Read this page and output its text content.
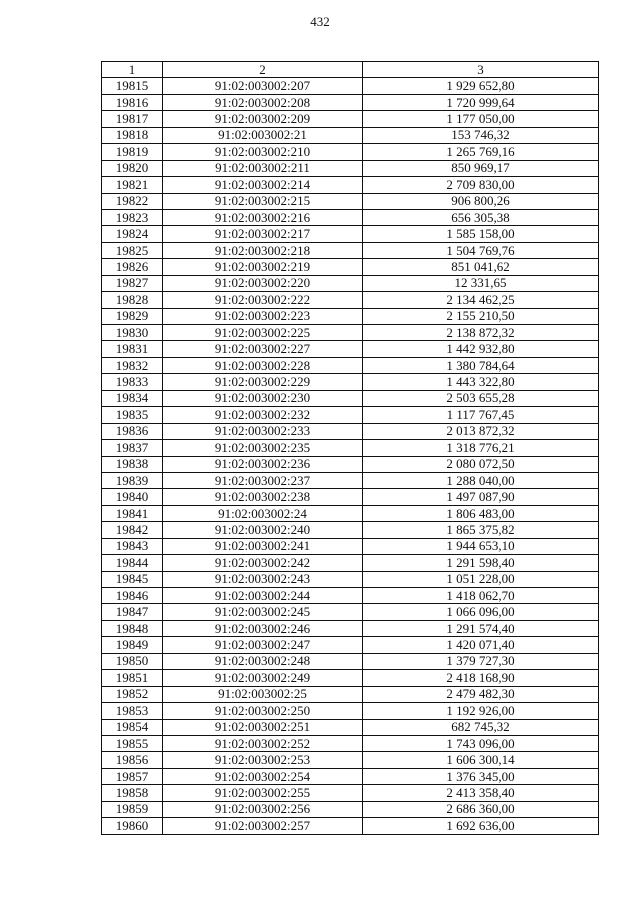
432
1	2	3
19815	91:02:003002:207	1 929 652,80
19816	91:02:003002:208	1 720 999,64
19817	91:02:003002:209	1 177 050,00
19818	91:02:003002:21	153 746,32
19819	91:02:003002:210	1 265 769,16
19820	91:02:003002:211	850 969,17
19821	91:02:003002:214	2 709 830,00
19822	91:02:003002:215	906 800,26
19823	91:02:003002:216	656 305,38
19824	91:02:003002:217	1 585 158,00
19825	91:02:003002:218	1 504 769,76
19826	91:02:003002:219	851 041,62
19827	91:02:003002:220	12 331,65
19828	91:02:003002:222	2 134 462,25
19829	91:02:003002:223	2 155 210,50
19830	91:02:003002:225	2 138 872,32
19831	91:02:003002:227	1 442 932,80
19832	91:02:003002:228	1 380 784,64
19833	91:02:003002:229	1 443 322,80
19834	91:02:003002:230	2 503 655,28
19835	91:02:003002:232	1 117 767,45
19836	91:02:003002:233	2 013 872,32
19837	91:02:003002:235	1 318 776,21
19838	91:02:003002:236	2 080 072,50
19839	91:02:003002:237	1 288 040,00
19840	91:02:003002:238	1 497 087,90
19841	91:02:003002:24	1 806 483,00
19842	91:02:003002:240	1 865 375,82
19843	91:02:003002:241	1 944 653,10
19844	91:02:003002:242	1 291 598,40
19845	91:02:003002:243	1 051 228,00
19846	91:02:003002:244	1 418 062,70
19847	91:02:003002:245	1 066 096,00
19848	91:02:003002:246	1 291 574,40
19849	91:02:003002:247	1 420 071,40
19850	91:02:003002:248	1 379 727,30
19851	91:02:003002:249	2 418 168,90
19852	91:02:003002:25	2 479 482,30
19853	91:02:003002:250	1 192 926,00
19854	91:02:003002:251	682 745,32
19855	91:02:003002:252	1 743 096,00
19856	91:02:003002:253	1 606 300,14
19857	91:02:003002:254	1 376 345,00
19858	91:02:003002:255	2 413 358,40
19859	91:02:003002:256	2 686 360,00
19860	91:02:003002:257	1 692 636,00
